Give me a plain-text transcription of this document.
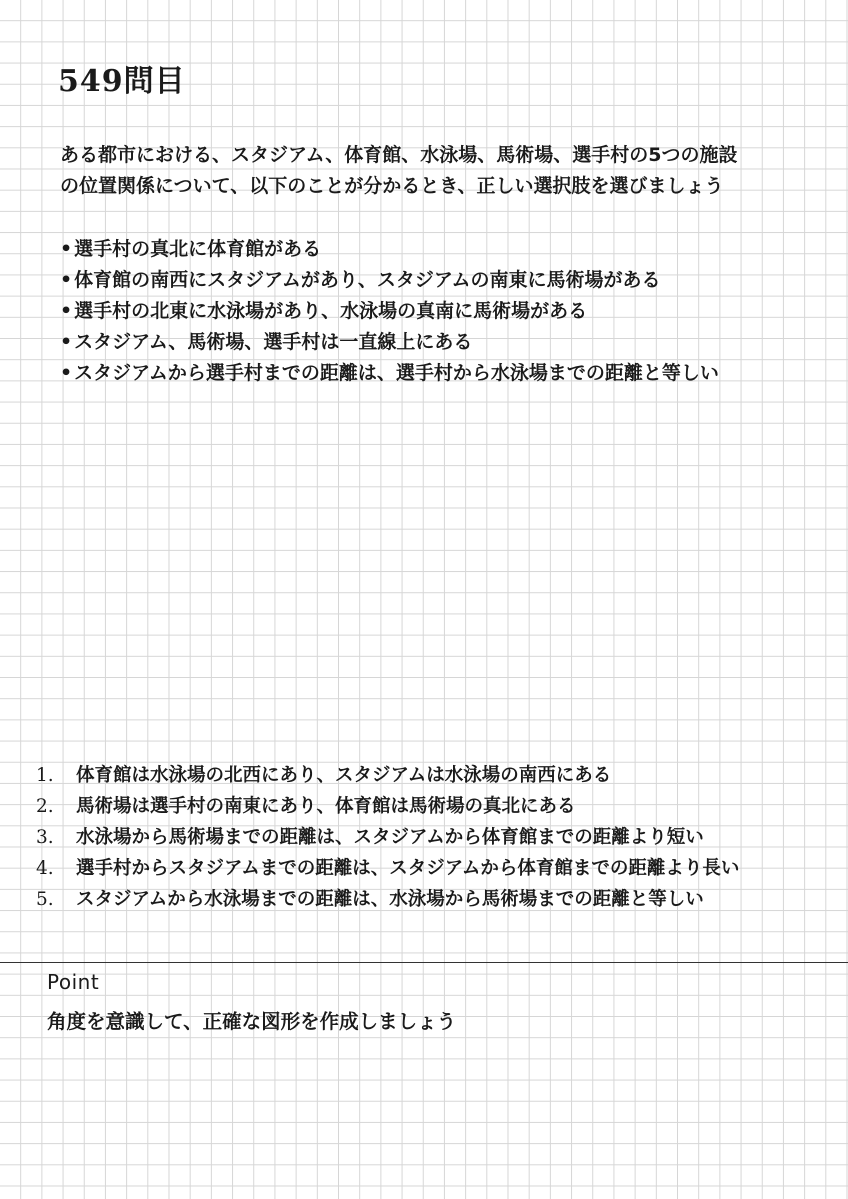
549問目
ある都市における、スタジアム、体育館、水泳場、馬術場、選手村の5つの施設
の位置関係について、以下のことが分かるとき、正しい選択肢を選びましょう
• 選手村の真北に体育館がある
• 体育館の南西にスタジアムがあり、スタジアムの南東に馬術場がある
• 選手村の北東に水泳場があり、水泳場の真南に馬術場がある
• スタジアム、馬術場、選手村は一直線上にある
• スタジアムから選手村までの距離は、選手村から水泳場までの距離と等しい
1. 体育館は水泳場の北西にあり、スタジアムは水泳場の南西にある
2. 馬術場は選手村の南東にあり、体育館は馬術場の真北にある
3. 水泳場から馬術場までの距離は、スタジアムから体育館までの距離より短い
4. 選手村からスタジアムまでの距離は、スタジアムから体育館までの距離より長い
5. スタジアムから水泳場までの距離は、水泳場から馬術場までの距離と等しい
Point
角度を意識して、正確な図形を作成しましょう
